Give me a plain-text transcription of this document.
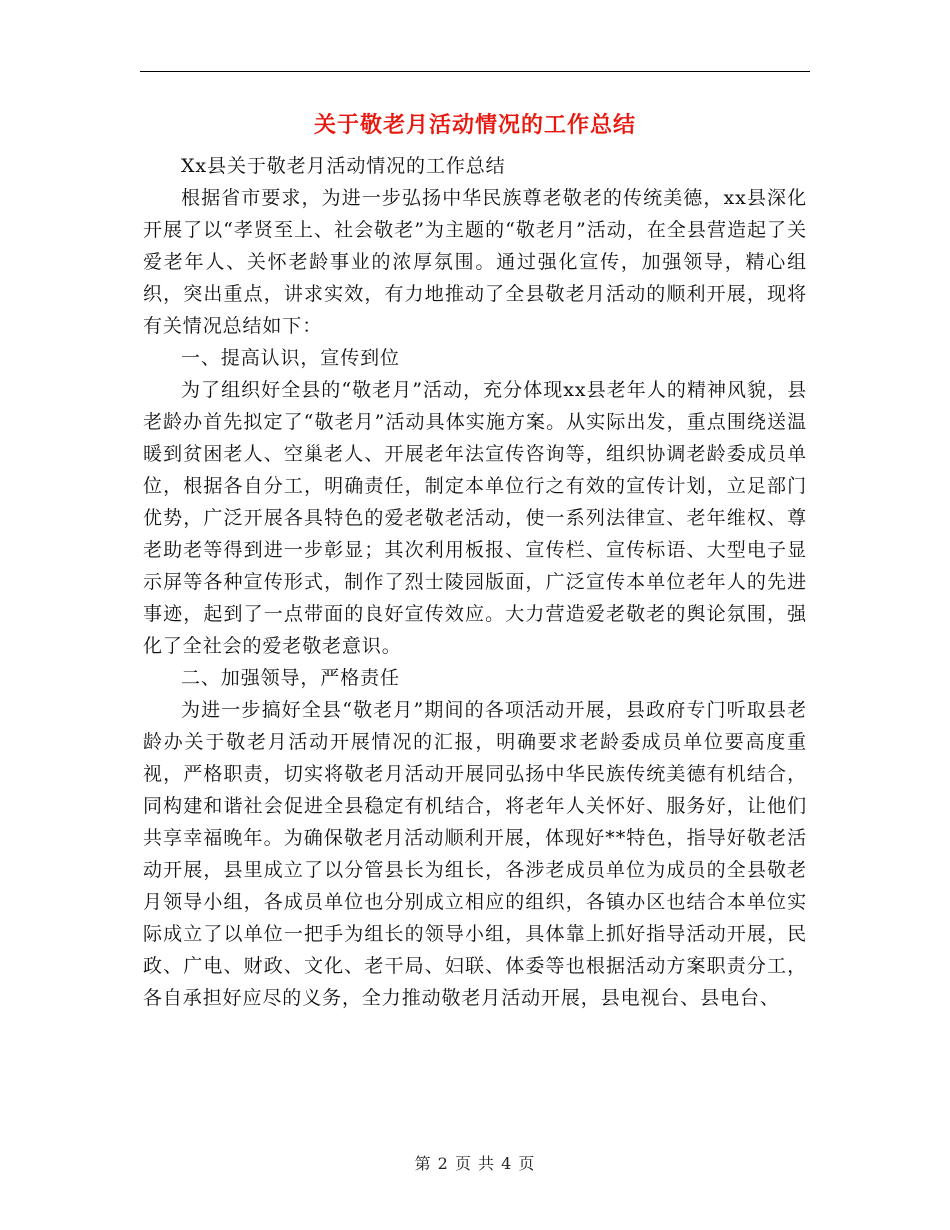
关于敬老月活动情况的工作总结

Xx县关于敬老月活动情况的工作总结

根据省市要求，为进一步弘扬中华民族尊老敬老的传统美德，xx县深化开展了以“孝贤至上、社会敬老”为主题的“敬老月”活动，在全县营造起了关爱老年人、关怀老龄事业的浓厚氛围。通过强化宣传，加强领导，精心组织，突出重点，讲求实效，有力地推动了全县敬老月活动的顺利开展，现将有关情况总结如下：

一、提高认识，宣传到位

为了组织好全县的“敬老月”活动，充分体现xx县老年人的精神风貌，县老龄办首先拟定了“敬老月”活动具体实施方案。从实际出发，重点围绕送温暖到贫困老人、空巢老人、开展老年法宣传咨询等，组织协调老龄委成员单位，根据各自分工，明确责任，制定本单位行之有效的宣传计划，立足部门优势，广泛开展各具特色的爱老敬老活动，使一系列法律宣、老年维权、尊老助老等得到进一步彰显；其次利用板报、宣传栏、宣传标语、大型电子显示屏等各种宣传形式，制作了烈士陵园版面，广泛宣传本单位老年人的先进事迹，起到了一点带面的良好宣传效应。大力营造爱老敬老的舆论氛围，强化了全社会的爱老敬老意识。

二、加强领导，严格责任

为进一步搞好全县“敬老月”期间的各项活动开展，县政府专门听取县老龄办关于敬老月活动开展情况的汇报，明确要求老龄委成员单位要高度重视，严格职责，切实将敬老月活动开展同弘扬中华民族传统美德有机结合，同构建和谐社会促进全县稳定有机结合，将老年人关怀好、服务好，让他们共享幸福晚年。为确保敬老月活动顺利开展，体现好**特色，指导好敬老活动开展，县里成立了以分管县长为组长，各涉老成员单位为成员的全县敬老月领导小组，各成员单位也分别成立相应的组织，各镇办区也结合本单位实际成立了以单位一把手为组长的领导小组，具体靠上抓好指导活动开展，民政、广电、财政、文化、老干局、妇联、体委等也根据活动方案职责分工，各自承担好应尽的义务，全力推动敬老月活动开展，县电视台、县电台、

第 2 页 共 4 页
